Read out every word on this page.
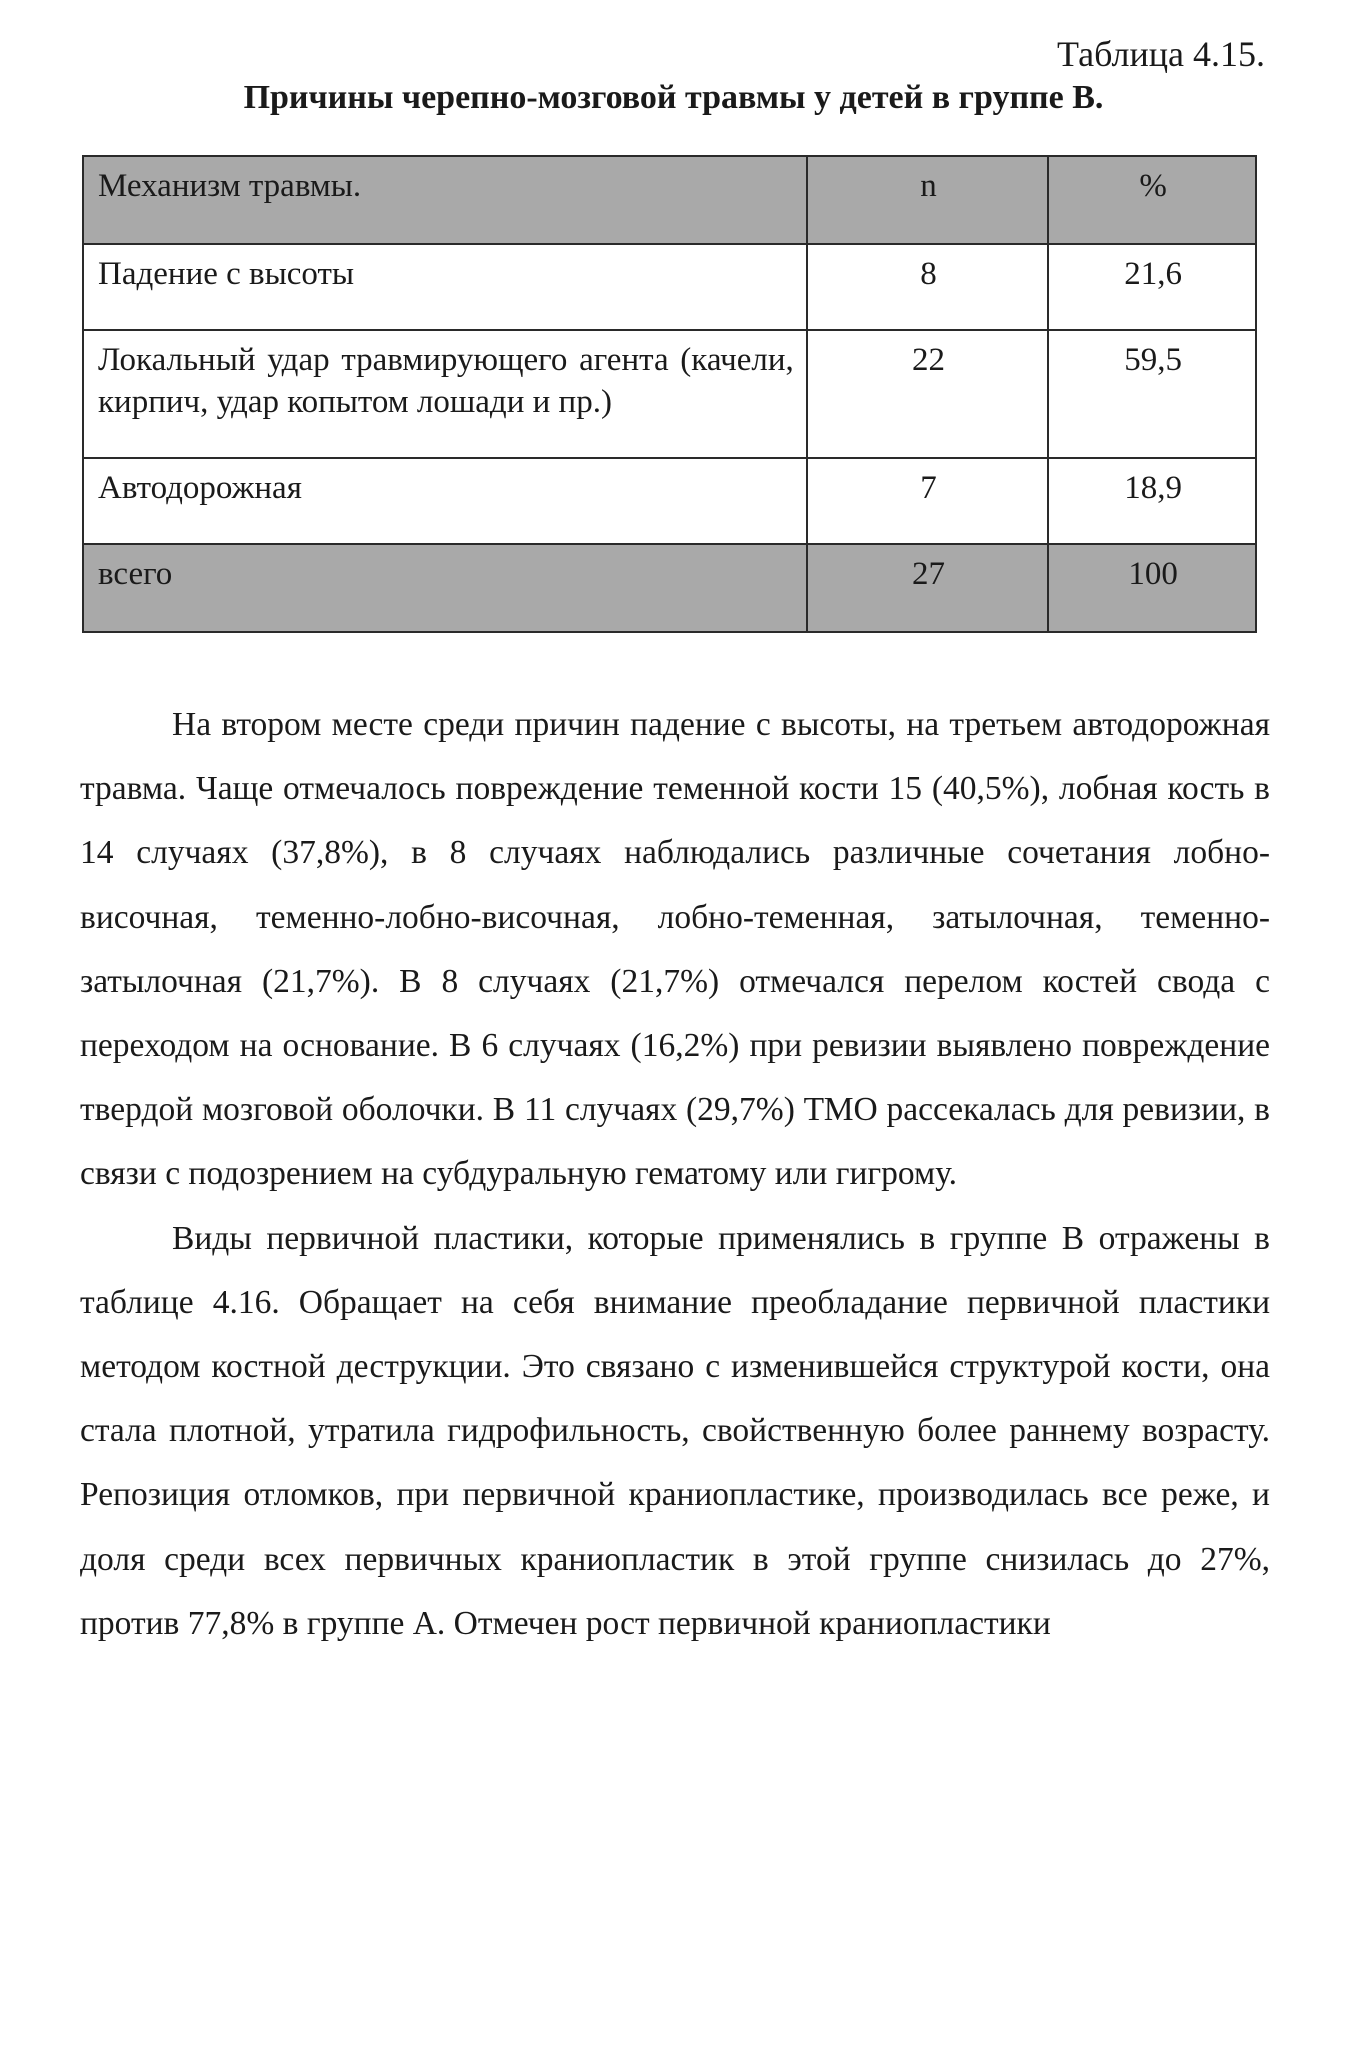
Таблица 4.15.
Причины черепно-мозговой травмы у детей в группе В.
Механизм травмы.	n	%
Падение с высоты	8	21,6
Локальный удар травмирующего агента (качели, кирпич, удар копытом лошади и пр.)	22	59,5
Автодорожная	7	18,9
всего	27	100

На втором месте среди причин падение с высоты, на третьем автодорожная травма. Чаще отмечалось повреждение теменной кости 15 (40,5%), лобная кость в 14 случаях (37,8%), в 8 случаях наблюдались различные сочетания лобно-височная, теменно-лобно-височная, лобно-теменная, затылочная, теменно-затылочная (21,7%). В 8 случаях (21,7%) отмечался перелом костей свода с переходом на основание. В 6 случаях (16,2%) при ревизии выявлено повреждение твердой мозговой оболочки. В 11 случаях (29,7%) ТМО рассекалась для ревизии, в связи с подозрением на субдуральную гематому или гигрому.

Виды первичной пластики, которые применялись в группе В отражены в таблице 4.16. Обращает на себя внимание преобладание первичной пластики методом костной деструкции. Это связано с изменившейся структурой кости, она стала плотной, утратила гидрофильность, свойственную более раннему возрасту. Репозиция отломков, при первичной краниопластике, производилась все реже, и доля среди всех первичных краниопластик в этой группе снизилась до 27%, против 77,8% в группе А. Отмечен рост первичной краниопластики
